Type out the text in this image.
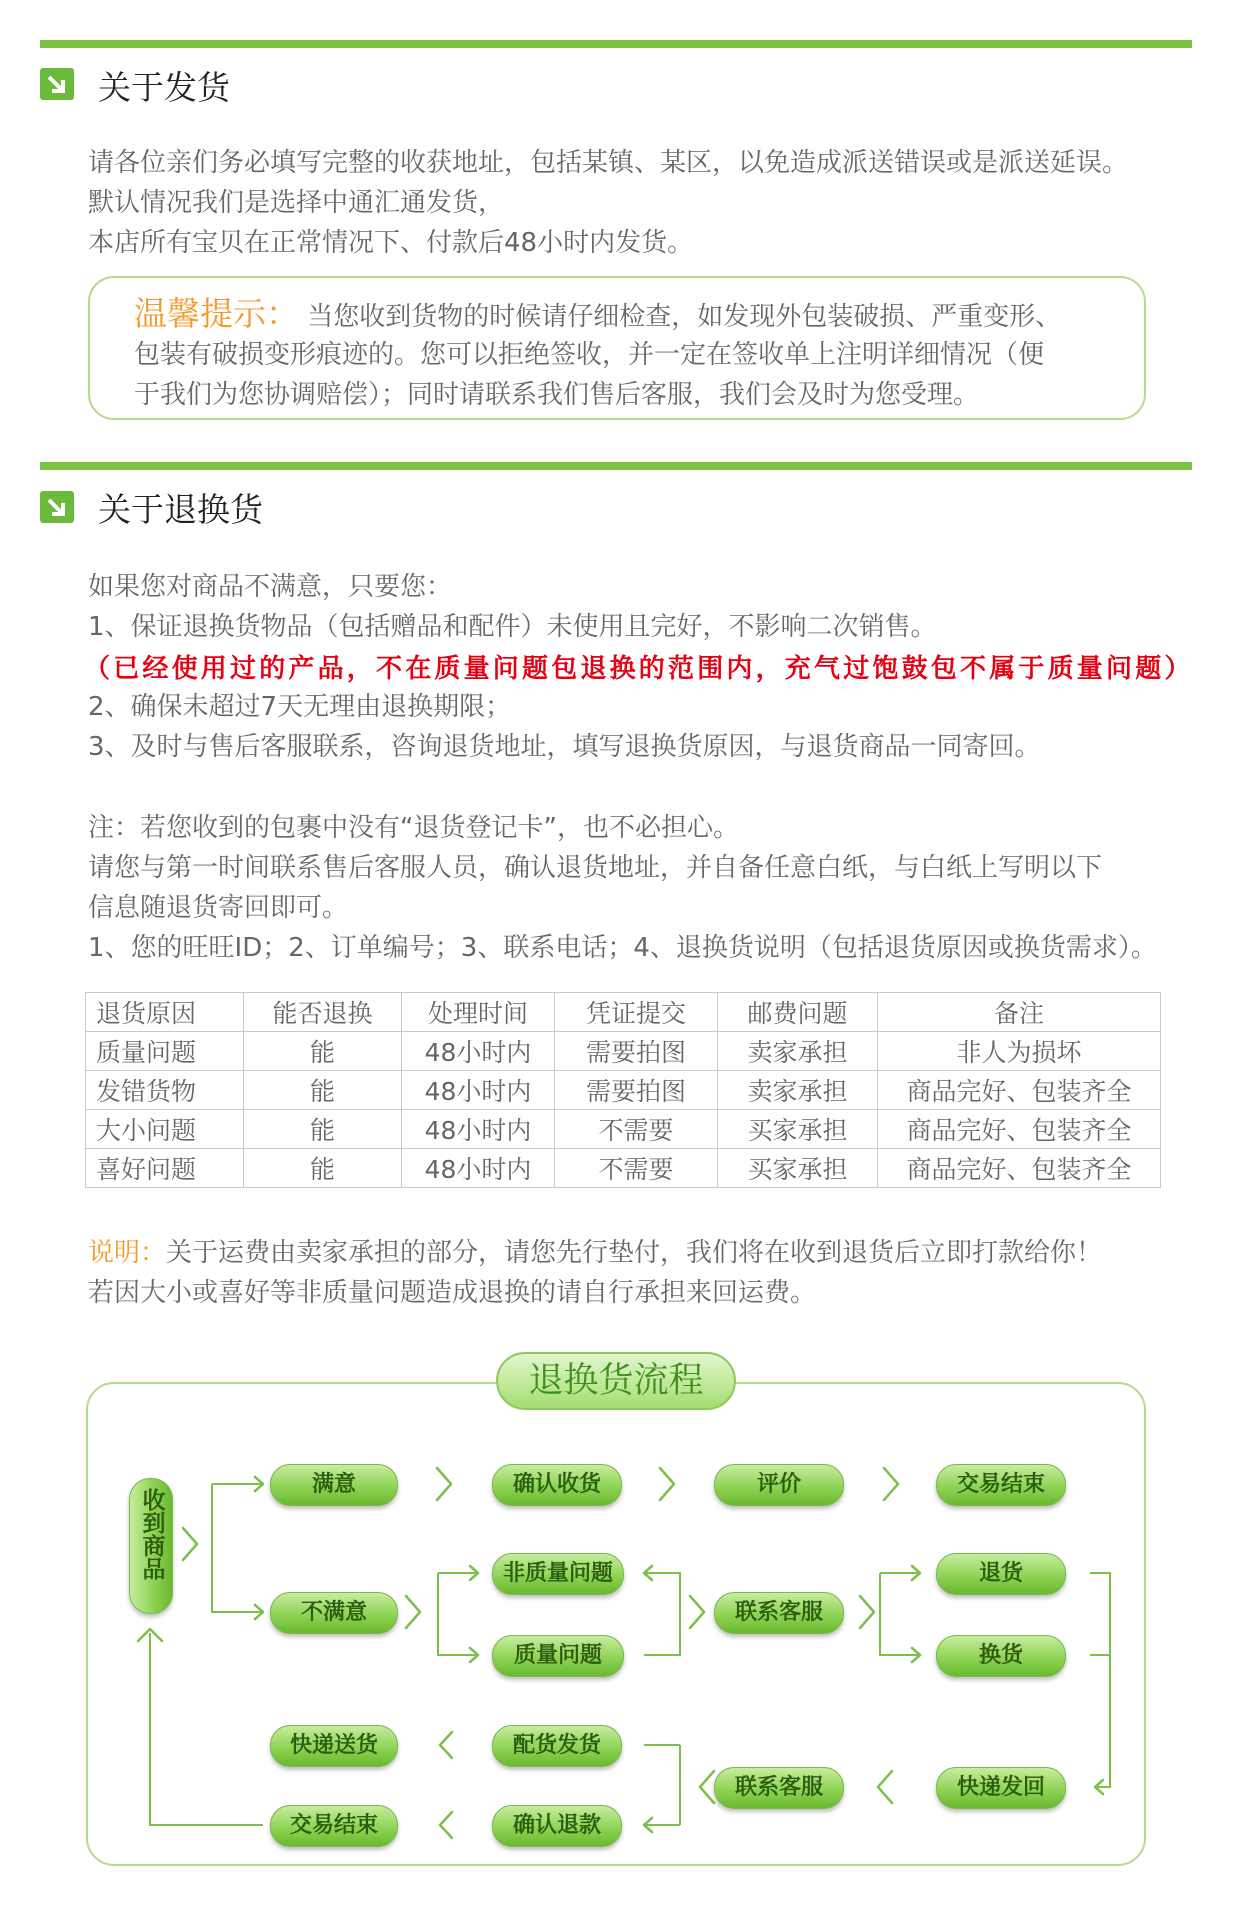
关于发货
请各位亲们务必填写完整的收获地址，包括某镇、某区，以免造成派送错误或是派送延误。
默认情况我们是选择中通汇通发货，
本店所有宝贝在正常情况下、付款后48小时内发货。
温馨提示： 当您收到货物的时候请仔细检查，如发现外包装破损、严重变形、
包装有破损变形痕迹的。您可以拒绝签收，并一定在签收单上注明详细情况（便
于我们为您协调赔偿）；同时请联系我们售后客服，我们会及时为您受理。
关于退换货
如果您对商品不满意，只要您：
1、保证退换货物品（包括赠品和配件）未使用且完好，不影响二次销售。
（已经使用过的产品，不在质量问题包退换的范围内，充气过饱鼓包不属于质量问题）
2、确保未超过7天无理由退换期限；
3、及时与售后客服联系，咨询退货地址，填写退换货原因，与退货商品一同寄回。
注：若您收到的包裹中没有“退货登记卡”，也不必担心。
请您与第一时间联系售后客服人员，确认退货地址，并自备任意白纸，与白纸上写明以下
信息随退货寄回即可。
1、您的旺旺ID；2、订单编号；3、联系电话；4、退换货说明（包括退货原因或换货需求）。
退货原因	能否退换	处理时间	凭证提交	邮费问题	备注
质量问题	能	48小时内	需要拍图	卖家承担	非人为损坏
发错货物	能	48小时内	需要拍图	卖家承担	商品完好、包装齐全
大小问题	能	48小时内	不需要	买家承担	商品完好、包装齐全
喜好问题	能	48小时内	不需要	买家承担	商品完好、包装齐全
说明：关于运费由卖家承担的部分，请您先行垫付，我们将在收到退货后立即打款给你！
若因大小或喜好等非质量问题造成退换的请自行承担来回运费。
退换货流程
收到商品
满意	确认收货	评价	交易结束
不满意
非质量问题
质量问题
联系客服
退货
换货
快递送货	配货发货
联系客服	快递发回
交易结束	确认退款
